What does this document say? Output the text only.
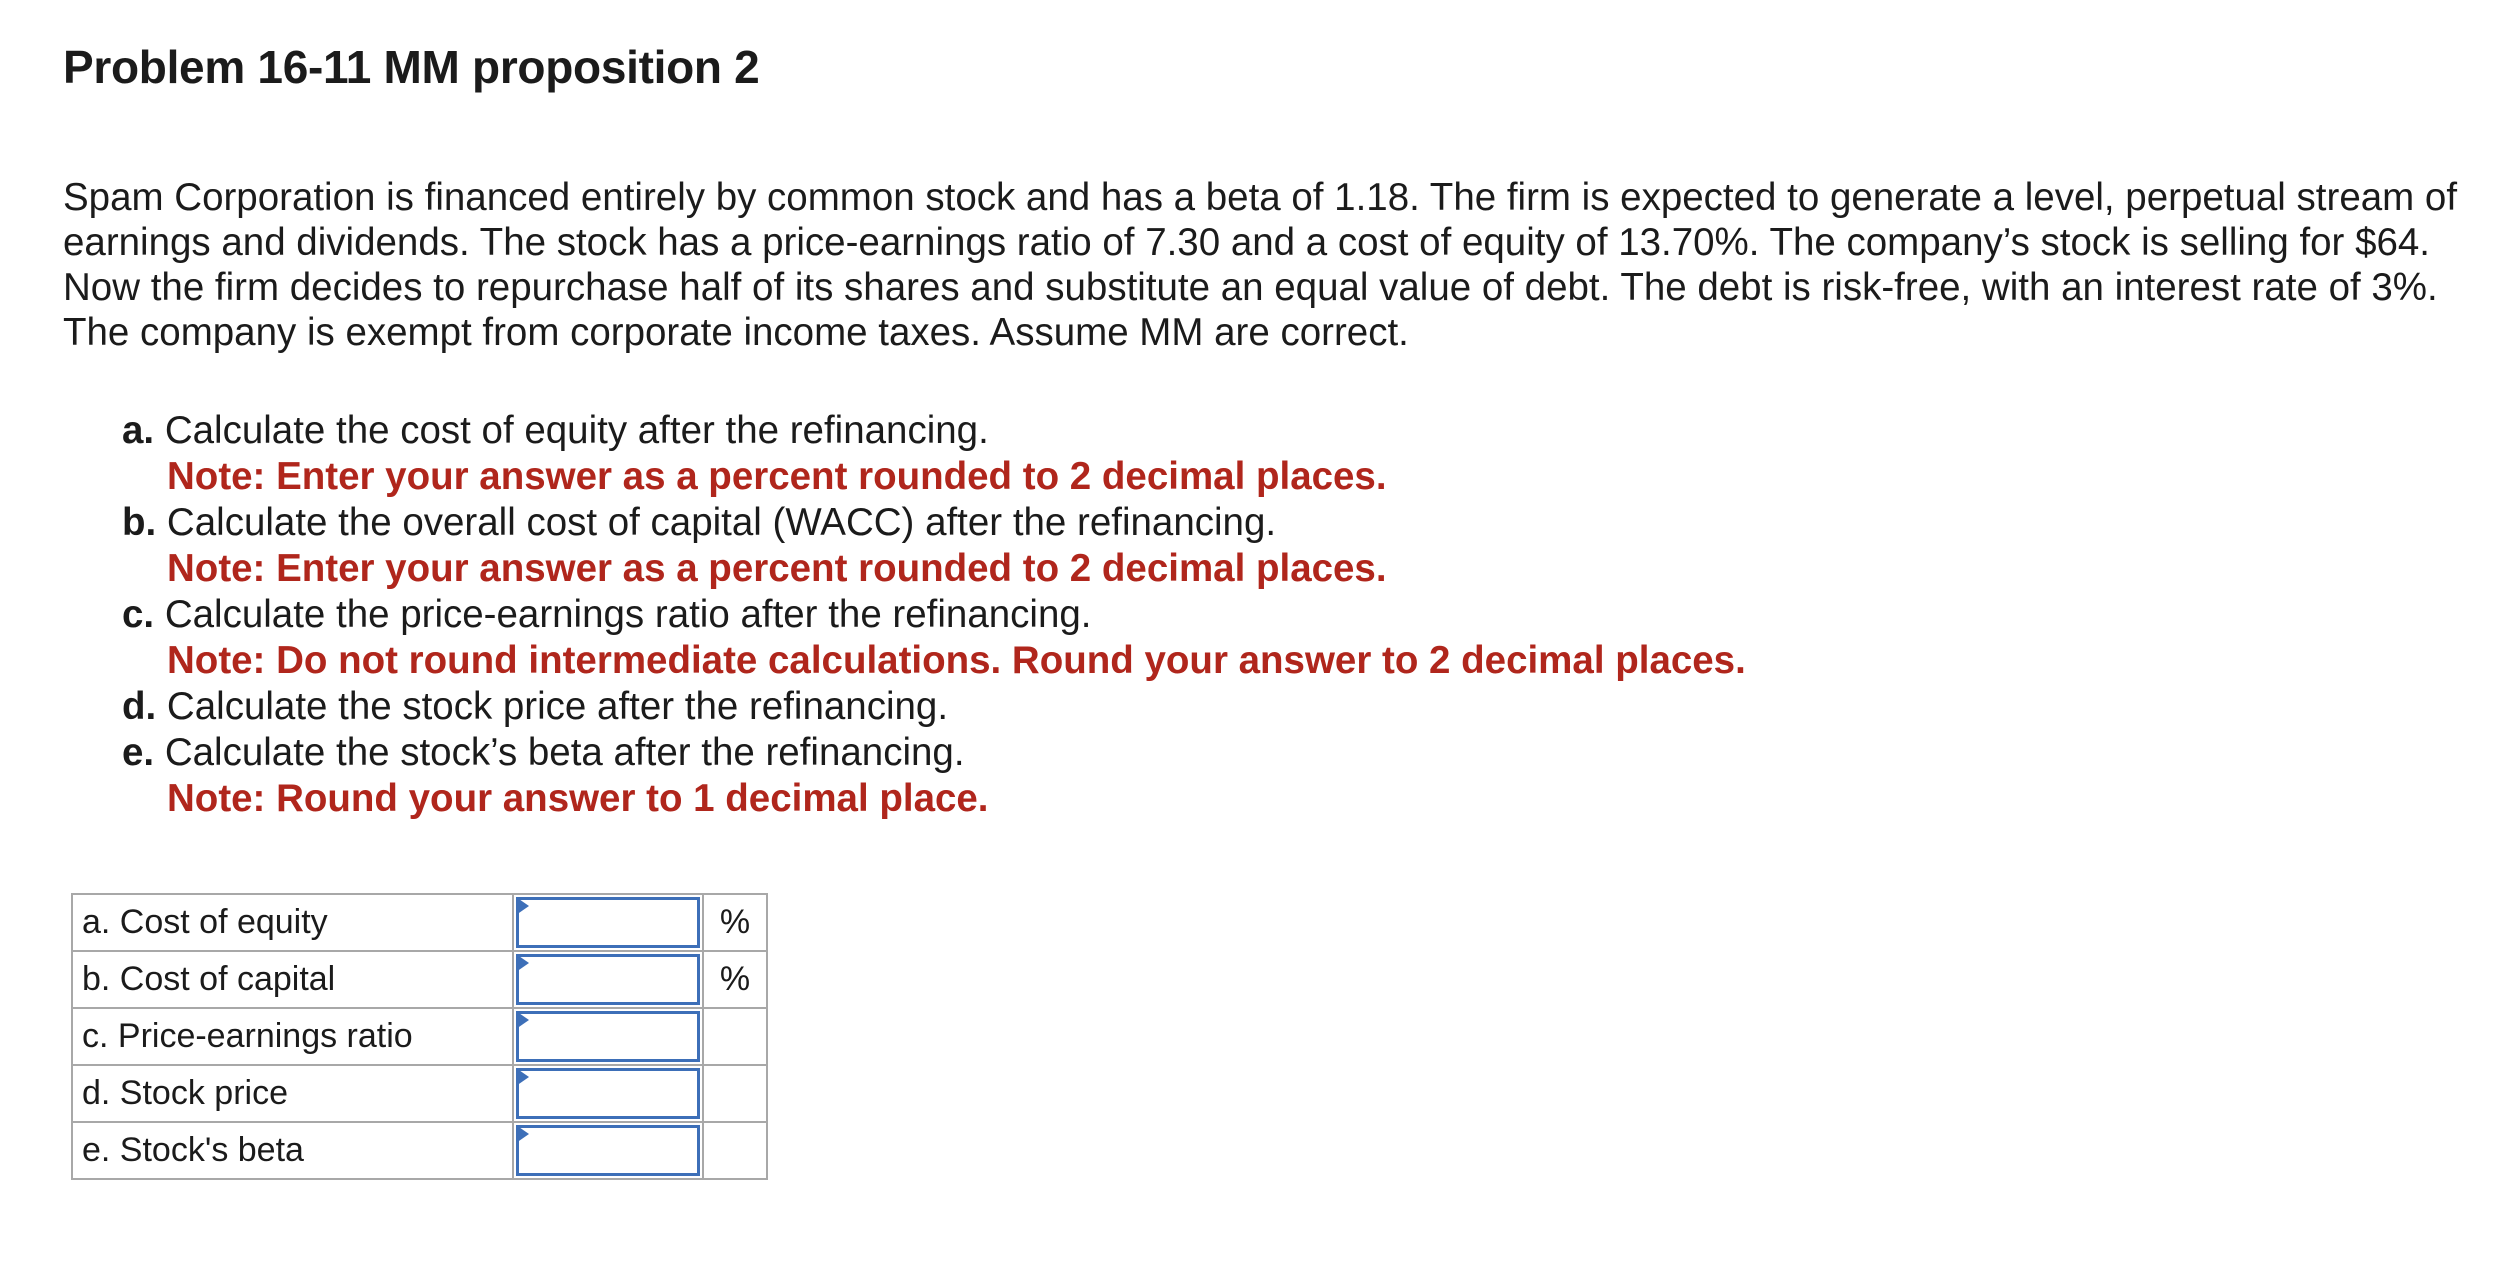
Problem 16-11 MM proposition 2

Spam Corporation is financed entirely by common stock and has a beta of 1.18. The firm is expected to generate a level, perpetual stream of earnings and dividends. The stock has a price-earnings ratio of 7.30 and a cost of equity of 13.70%. The company’s stock is selling for $64. Now the firm decides to repurchase half of its shares and substitute an equal value of debt. The debt is risk-free, with an interest rate of 3%. The company is exempt from corporate income taxes. Assume MM are correct.

a. Calculate the cost of equity after the refinancing.
Note: Enter your answer as a percent rounded to 2 decimal places.
b. Calculate the overall cost of capital (WACC) after the refinancing.
Note: Enter your answer as a percent rounded to 2 decimal places.
c. Calculate the price-earnings ratio after the refinancing.
Note: Do not round intermediate calculations. Round your answer to 2 decimal places.
d. Calculate the stock price after the refinancing.
e. Calculate the stock’s beta after the refinancing.
Note: Round your answer to 1 decimal place.
a. Cost of equity		%
b. Cost of capital		%
c. Price-earnings ratio	

d. Stock price	

e. Stock's beta	
